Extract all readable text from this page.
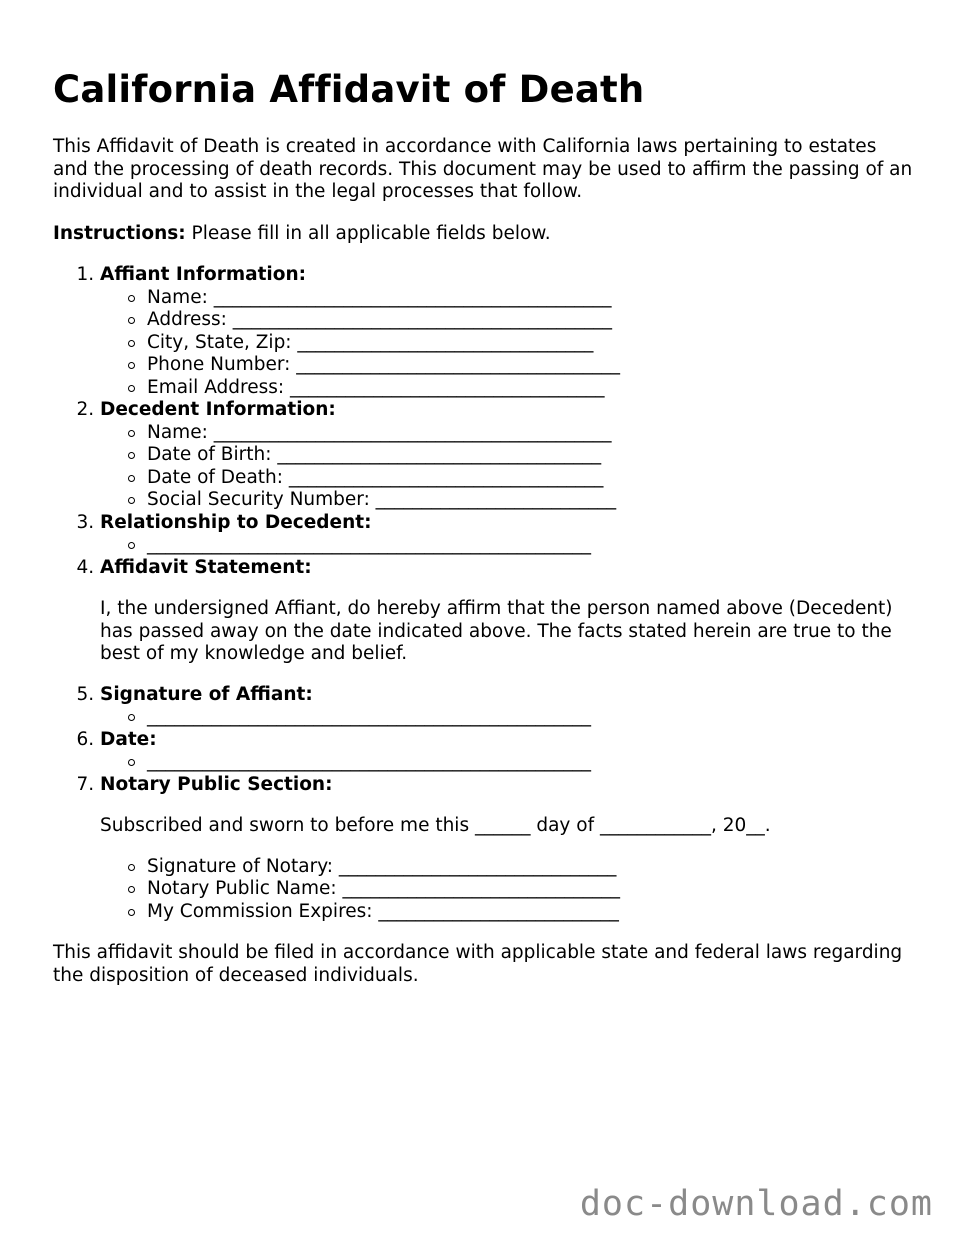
California Affidavit of Death

This Affidavit of Death is created in accordance with California laws pertaining to estates and the processing of death records. This document may be used to affirm the passing of an individual and to assist in the legal processes that follow.

Instructions: Please fill in all applicable fields below.

1. Affiant Information:
Name: ___________________________________________
Address: _________________________________________
City, State, Zip: ________________________________
Phone Number: ___________________________________
Email Address: __________________________________
2. Decedent Information:
Name: ___________________________________________
Date of Birth: ___________________________________
Date of Death: __________________________________
Social Security Number: __________________________
3. Relationship to Decedent:
________________________________________________
4. Affidavit Statement:

I, the undersigned Affiant, do hereby affirm that the person named above (Decedent) has passed away on the date indicated above. The facts stated herein are true to the best of my knowledge and belief.

5. Signature of Affiant:
________________________________________________
6. Date:
________________________________________________
7. Notary Public Section:

Subscribed and sworn to before me this ______ day of ____________, 20__.

Signature of Notary: ______________________________
Notary Public Name: ______________________________
My Commission Expires: __________________________

This affidavit should be filed in accordance with applicable state and federal laws regarding the disposition of deceased individuals.

doc-download.com
